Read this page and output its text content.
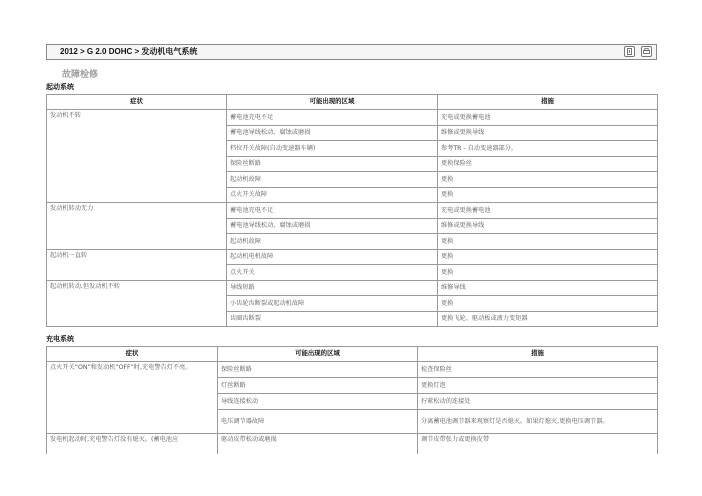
2012 > G 2.0 DOHC > 发动机电气系统
故障检修
起动系统
症状	可能出现的区域	措施
发动机不转	蓄电池充电不足	充电或更换蓄电池
	蓄电池导线松动、腐蚀或磨损	维修或更换导线
	档位开关故障(自动变速器车辆)	参考TR - 自动变速器部分。
	保险丝断路	更换保险丝
	起动机故障	更换
	点火开关故障	更换
发动机转动无力	蓄电池充电不足	充电或更换蓄电池
	蓄电池导线松动、腐蚀或磨损	维修或更换导线
	起动机故障	更换
起动机一直转	起动机电机故障	更换
	点火开关	更换
起动机转动,但发动机不转	导线短路	维修导线
	小齿轮齿断裂或起动机故障	更换
	齿圈齿断裂	更换飞轮、驱动板或液力变矩器
充电系统
症状	可能出现的区域	措施
点火开关“ON”和发动机“OFF”时,充电警告灯不亮。	保险丝断路	检查保险丝
	灯丝断路	更换灯泡
	导线连接松动	拧紧松动的连接处
	电压调节器故障	分离蓄电池调节器来观察灯是否熄灭。如果灯熄灭,更换电压调节器。
发电机起动时,充电警告灯没有熄灭。(蓄电池应	驱动皮带松动或磨损	调节皮带张力或更换皮带
